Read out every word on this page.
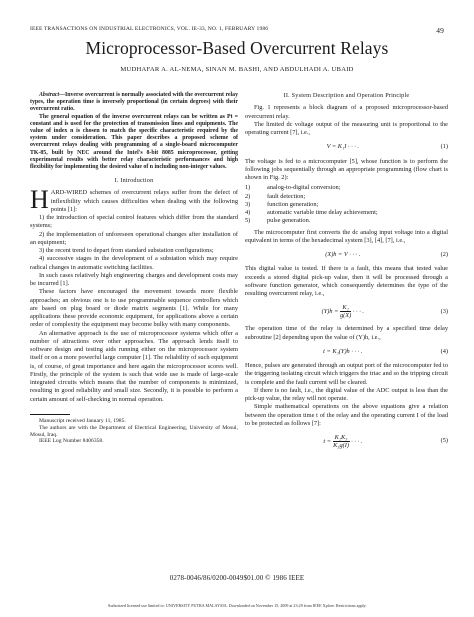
IEEE TRANSACTIONS ON INDUSTRIAL ELECTRONICS, VOL. IE-33, NO. 1, FEBRUARY 1986	49
Microprocessor-Based Overcurrent Relays
MUDHAFAR A. AL-NEMA, SINAN M. BASHI, AND ABDULHADI A. UBAID

Abstract—Inverse overcurrent is normally associated with the overcurrent relay types, the operation time is inversely proportional (in certain degrees) with their overcurrent ratio.

The general equation of the inverse overcurrent relays can be written as Pt = constant and is used for the protection of transmission lines and equipments. The value of index n is chosen to match the specific characteristic required by the system under consideration. This paper describes a proposed scheme of overcurrent relays dealing with programming of a single-board microcomputer TK-85, built by NEC around the Intel's 8-bit 8085 microprocessor, getting experimental results with better relay characteristic performances and high flexibility for implementing the desired value of n including non-integer values.

I. Introduction

HARD-WIRED schemes of overcurrent relays suffer from the defect of inflexibility which causes difficulties when dealing with the following points [1]:

1) the introduction of special control features which differ from the standard systems;

2) the implementation of unforeseen operational changes after installation of an equipment;

3) the recent trend to depart from standard substation configurations;

4) successive stages in the development of a substation which may require radical changes in automatic switching facilities.

In such cases relatively high engineering charges and development costs may be incurred [1].

These factors have encouraged the movement towards more flexible approaches; an obvious one is to use programmable sequence controllers which are based on plug board or diode matrix segments [1]. While for many applications these provide economic equipment, for applications above a certain order of complexity the equipment may become bulky with many components.

An alternative approach is the use of microprocessor systems which offer a number of attractions over other approaches. The approach lends itself to software design and testing aids running either on the microprocessor system itself or on a more powerful large computer [1]. The reliability of such equipment is, of course, of great importance and here again the microprocessor scores well. Firstly, the principle of the system is such that wide use is made of large-scale integrated circuits which means that the number of components is minimized, resulting in good reliability and small size. Secondly, it is possible to perform a certain amount of self-checking in normal operation.

Manuscript received January 11, 1985.

The authors are with the Department of Electrical Engineering, University of Mosul, Mosul, Iraq.

IEEE Log Number 8406358.

II. System Description and Operation Principle

Fig. 1 represents a block diagram of a proposed microprocessor-based overcurrent relay.

The limited dc voltage output of the measuring unit is proportional to the operating current [7], i.e.,

V = K₁I · · · .	(1)

The voltage is fed to a microcomputer [5], whose function is to perform the following jobs sequentially through an appropriate programming (flow chart is shown in Fig. 2):

1)	analog-to-digital conversion;
2)	fault detection;
3)	function generation;
4)	automatic variable time delay achievement;
5)	pulse generation.

The microcomputer first converts the dc analog input voltage into a digital equivalent in terms of the hexadecimal system [3], [4], [7], i.e.,

(X)h = V · · · .	(2)

This digital value is tested. If there is a fault, this means that tested value exceeds a stored digital pick-up value, then it will be processed through a software function generator, which consequently determines the type of the resulting overcurrent relay, i.e.,

$(Y)h = \frac{\text{K₂}}{g(X)}$ · · · .	(3)

The operation time of the relay is determined by a specified time delay subroutine [2] depending upon the value of (Y)h, i.e.,

t = K₃(Y)h · · · .	(4)

Hence, pulses are generated through an output port of the microcomputer fed to the triggering isolating circuit which triggers the triac and so the tripping circuit is complete and the fault current will be cleared.

If there is no fault, i.e., the digital value of the ADC output is less than the pick-up value, the relay will not operate.

Simple mathematical operations on the above equations give a relation between the operation time t of the relay and the operating current I of the load to be protected as follows [7]:

$t = \frac{\text{K₂K₃}}{\text{K₃g(I)}}$ · · · .	(5)
0278-0046/86/0200-0049$01.00 © 1986 IEEE
Authorized licensed use limited to: UNIVERSITY PUTRA MALAYSIA. Downloaded on November 15, 2009 at 23:29 from IEEE Xplore. Restrictions apply.
